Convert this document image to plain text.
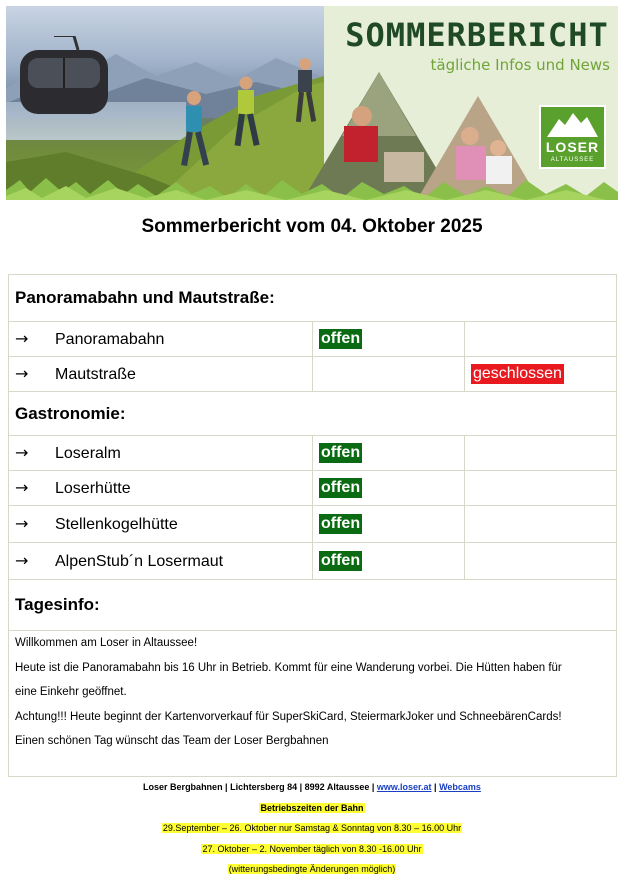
SOMMERBERICHT
tägliche Infos und News
LOSER
ALTAUSSEE
Sommerbericht vom 04. Oktober 2025
Panoramabahn und Mautstraße:		
→ Panoramabahn	offen	
→ Mautstraße		geschlossen
Gastronomie:		
→ Loseralm	offen	
→ Loserhütte	offen	
→ Stellenkogelhütte	offen	
→ AlpenStub´n Losermaut	offen	
Tagesinfo:		

Willkommen am Loser in Altaussee!

Heute ist die Panoramabahn bis 16 Uhr in Betrieb. Kommt für eine Wanderung vorbei. Die Hütten haben für

eine Einkehr geöffnet.

Achtung!!! Heute beginnt der Kartenvorverkauf für SuperSkiCard, SteiermarkJoker und SchneebärenCards!

Einen schönen Tag wünscht das Team der Loser Bergbahnen		

Loser Bergbahnen | Lichtersberg 84 | 8992 Altaussee | www.loser.at | Webcams
Betriebszeiten der Bahn
29.September – 26. Oktober nur Samstag & Sonntag von 8.30 – 16.00 Uhr
27. Oktober – 2. November täglich von 8.30 -16.00 Uhr
(witterungsbedingte Änderungen möglich)
